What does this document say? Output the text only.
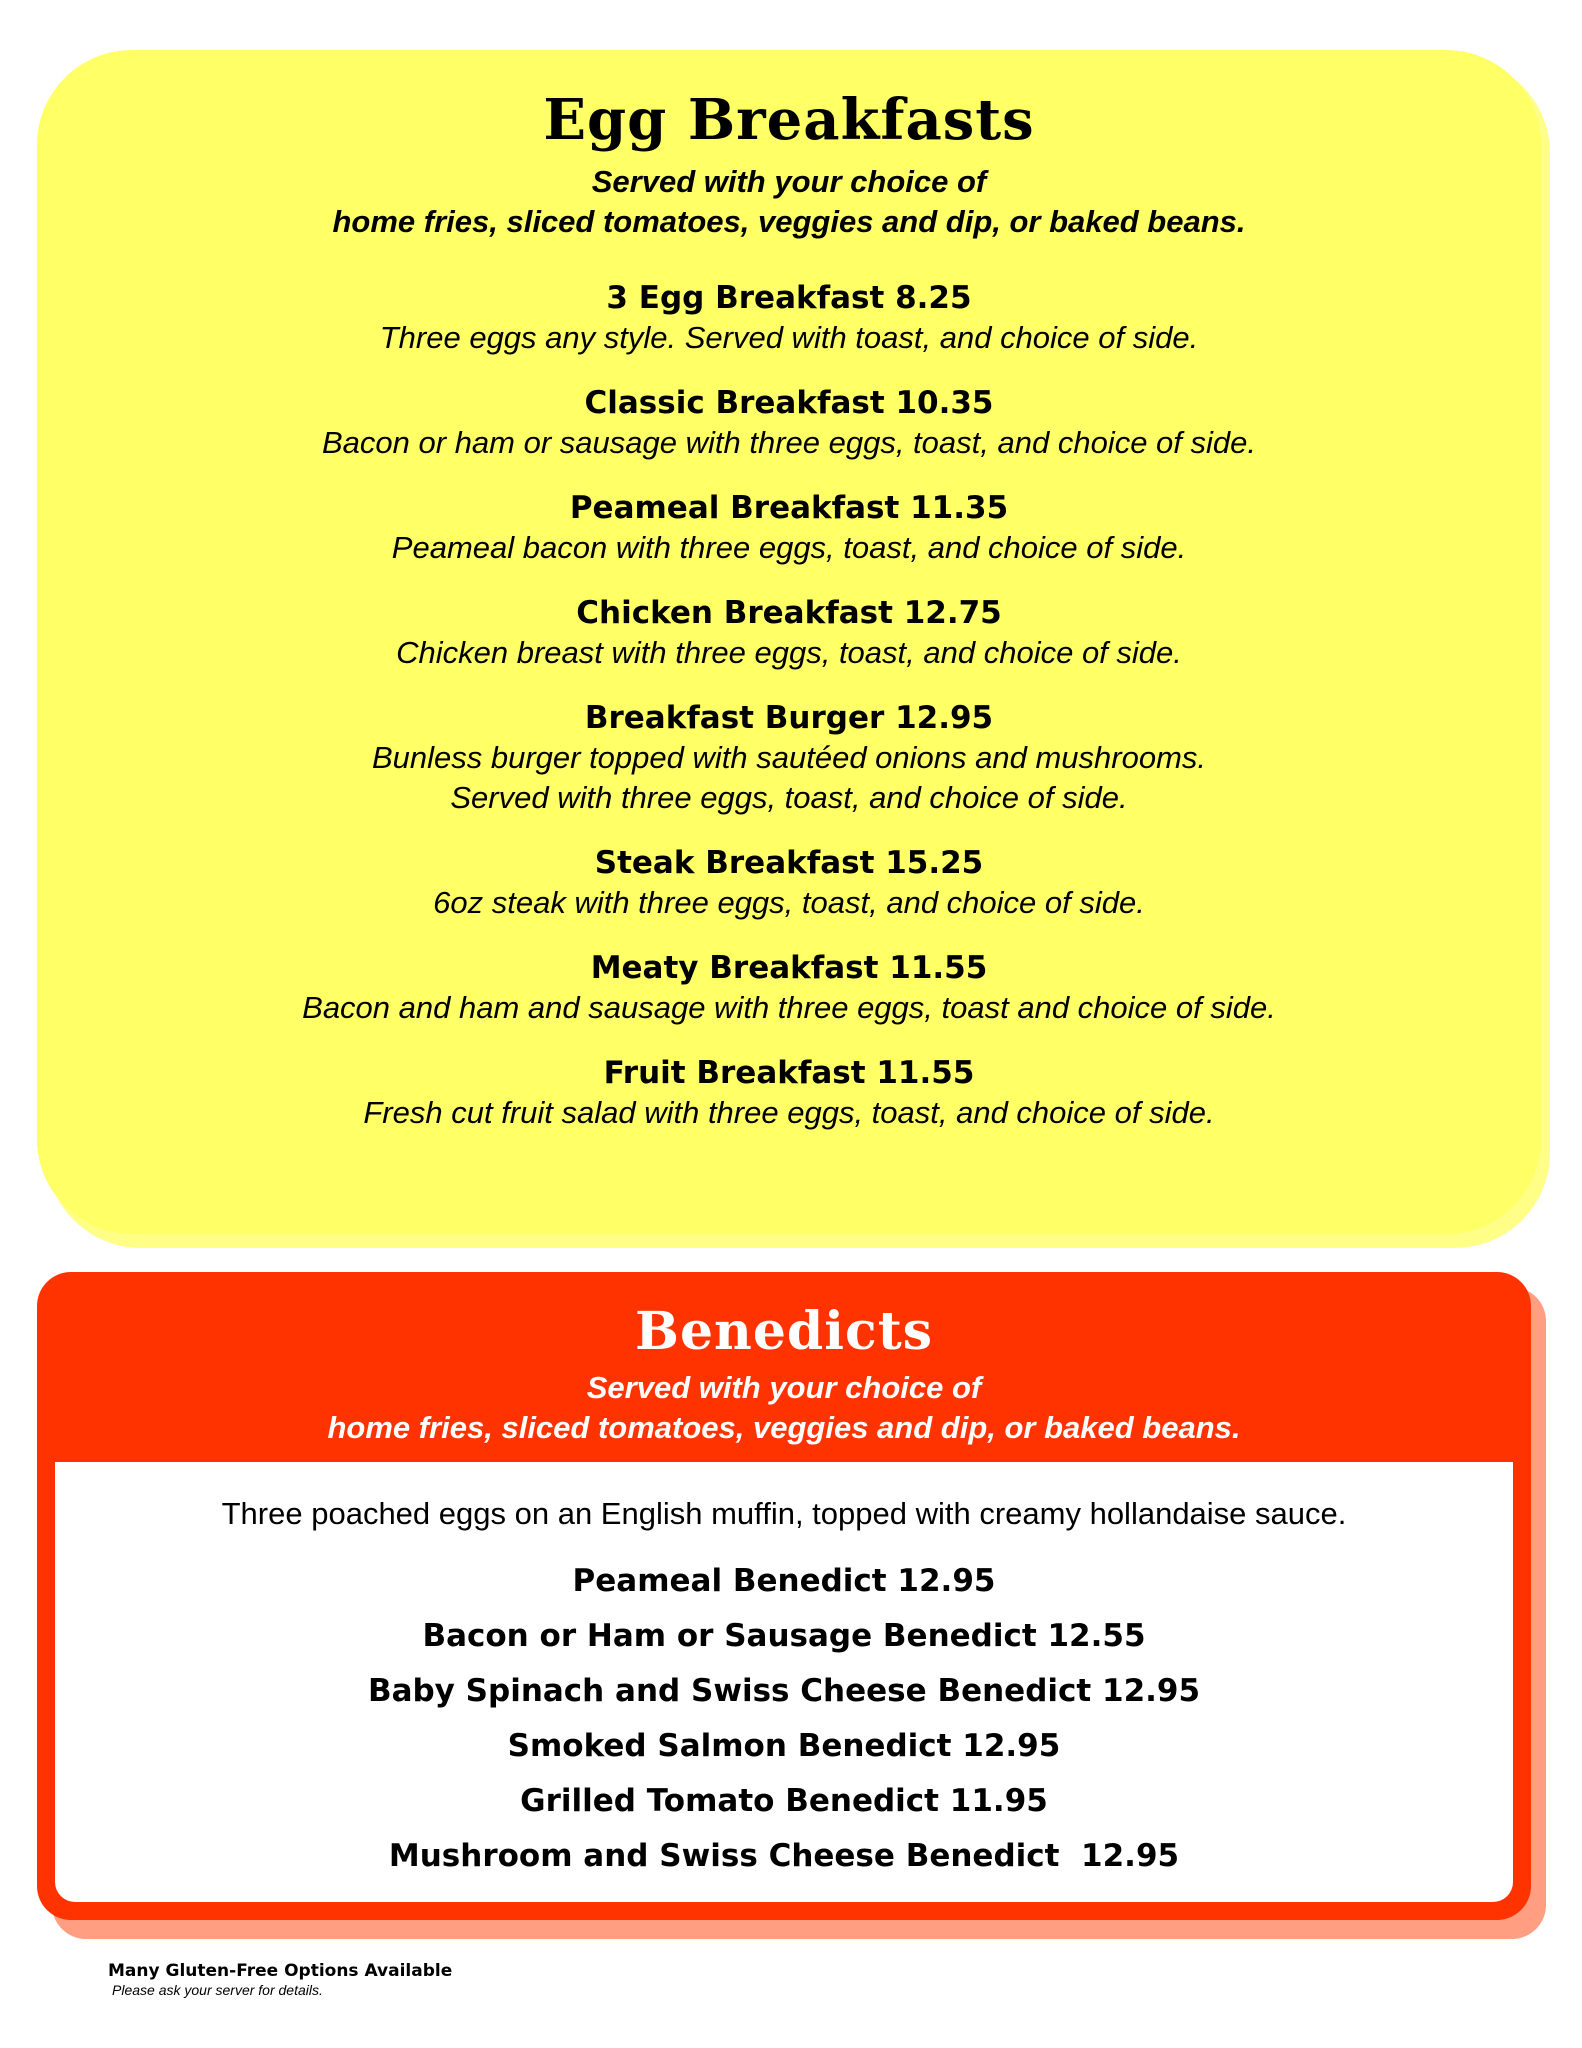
Egg Breakfasts
Served with your choice of
home fries, sliced tomatoes, veggies and dip, or baked beans.
3 Egg Breakfast 8.25
Three eggs any style. Served with toast, and choice of side.
Classic Breakfast 10.35
Bacon or ham or sausage with three eggs, toast, and choice of side.
Peameal Breakfast 11.35
Peameal bacon with three eggs, toast, and choice of side.
Chicken Breakfast 12.75
Chicken breast with three eggs, toast, and choice of side.
Breakfast Burger 12.95
Bunless burger topped with sautéed onions and mushrooms.
Served with three eggs, toast, and choice of side.
Steak Breakfast 15.25
6oz steak with three eggs, toast, and choice of side.
Meaty Breakfast 11.55
Bacon and ham and sausage with three eggs, toast and choice of side.
Fruit Breakfast 11.55
Fresh cut fruit salad with three eggs, toast, and choice of side.
Benedicts
Served with your choice of
home fries, sliced tomatoes, veggies and dip, or baked beans.
Three poached eggs on an English muffin, topped with creamy hollandaise sauce.
Peameal Benedict 12.95
Bacon or Ham or Sausage Benedict 12.55
Baby Spinach and Swiss Cheese Benedict 12.95
Smoked Salmon Benedict 12.95
Grilled Tomato Benedict 11.95
Mushroom and Swiss Cheese Benedict  12.95
Many Gluten-Free Options Available
Please ask your server for details.
